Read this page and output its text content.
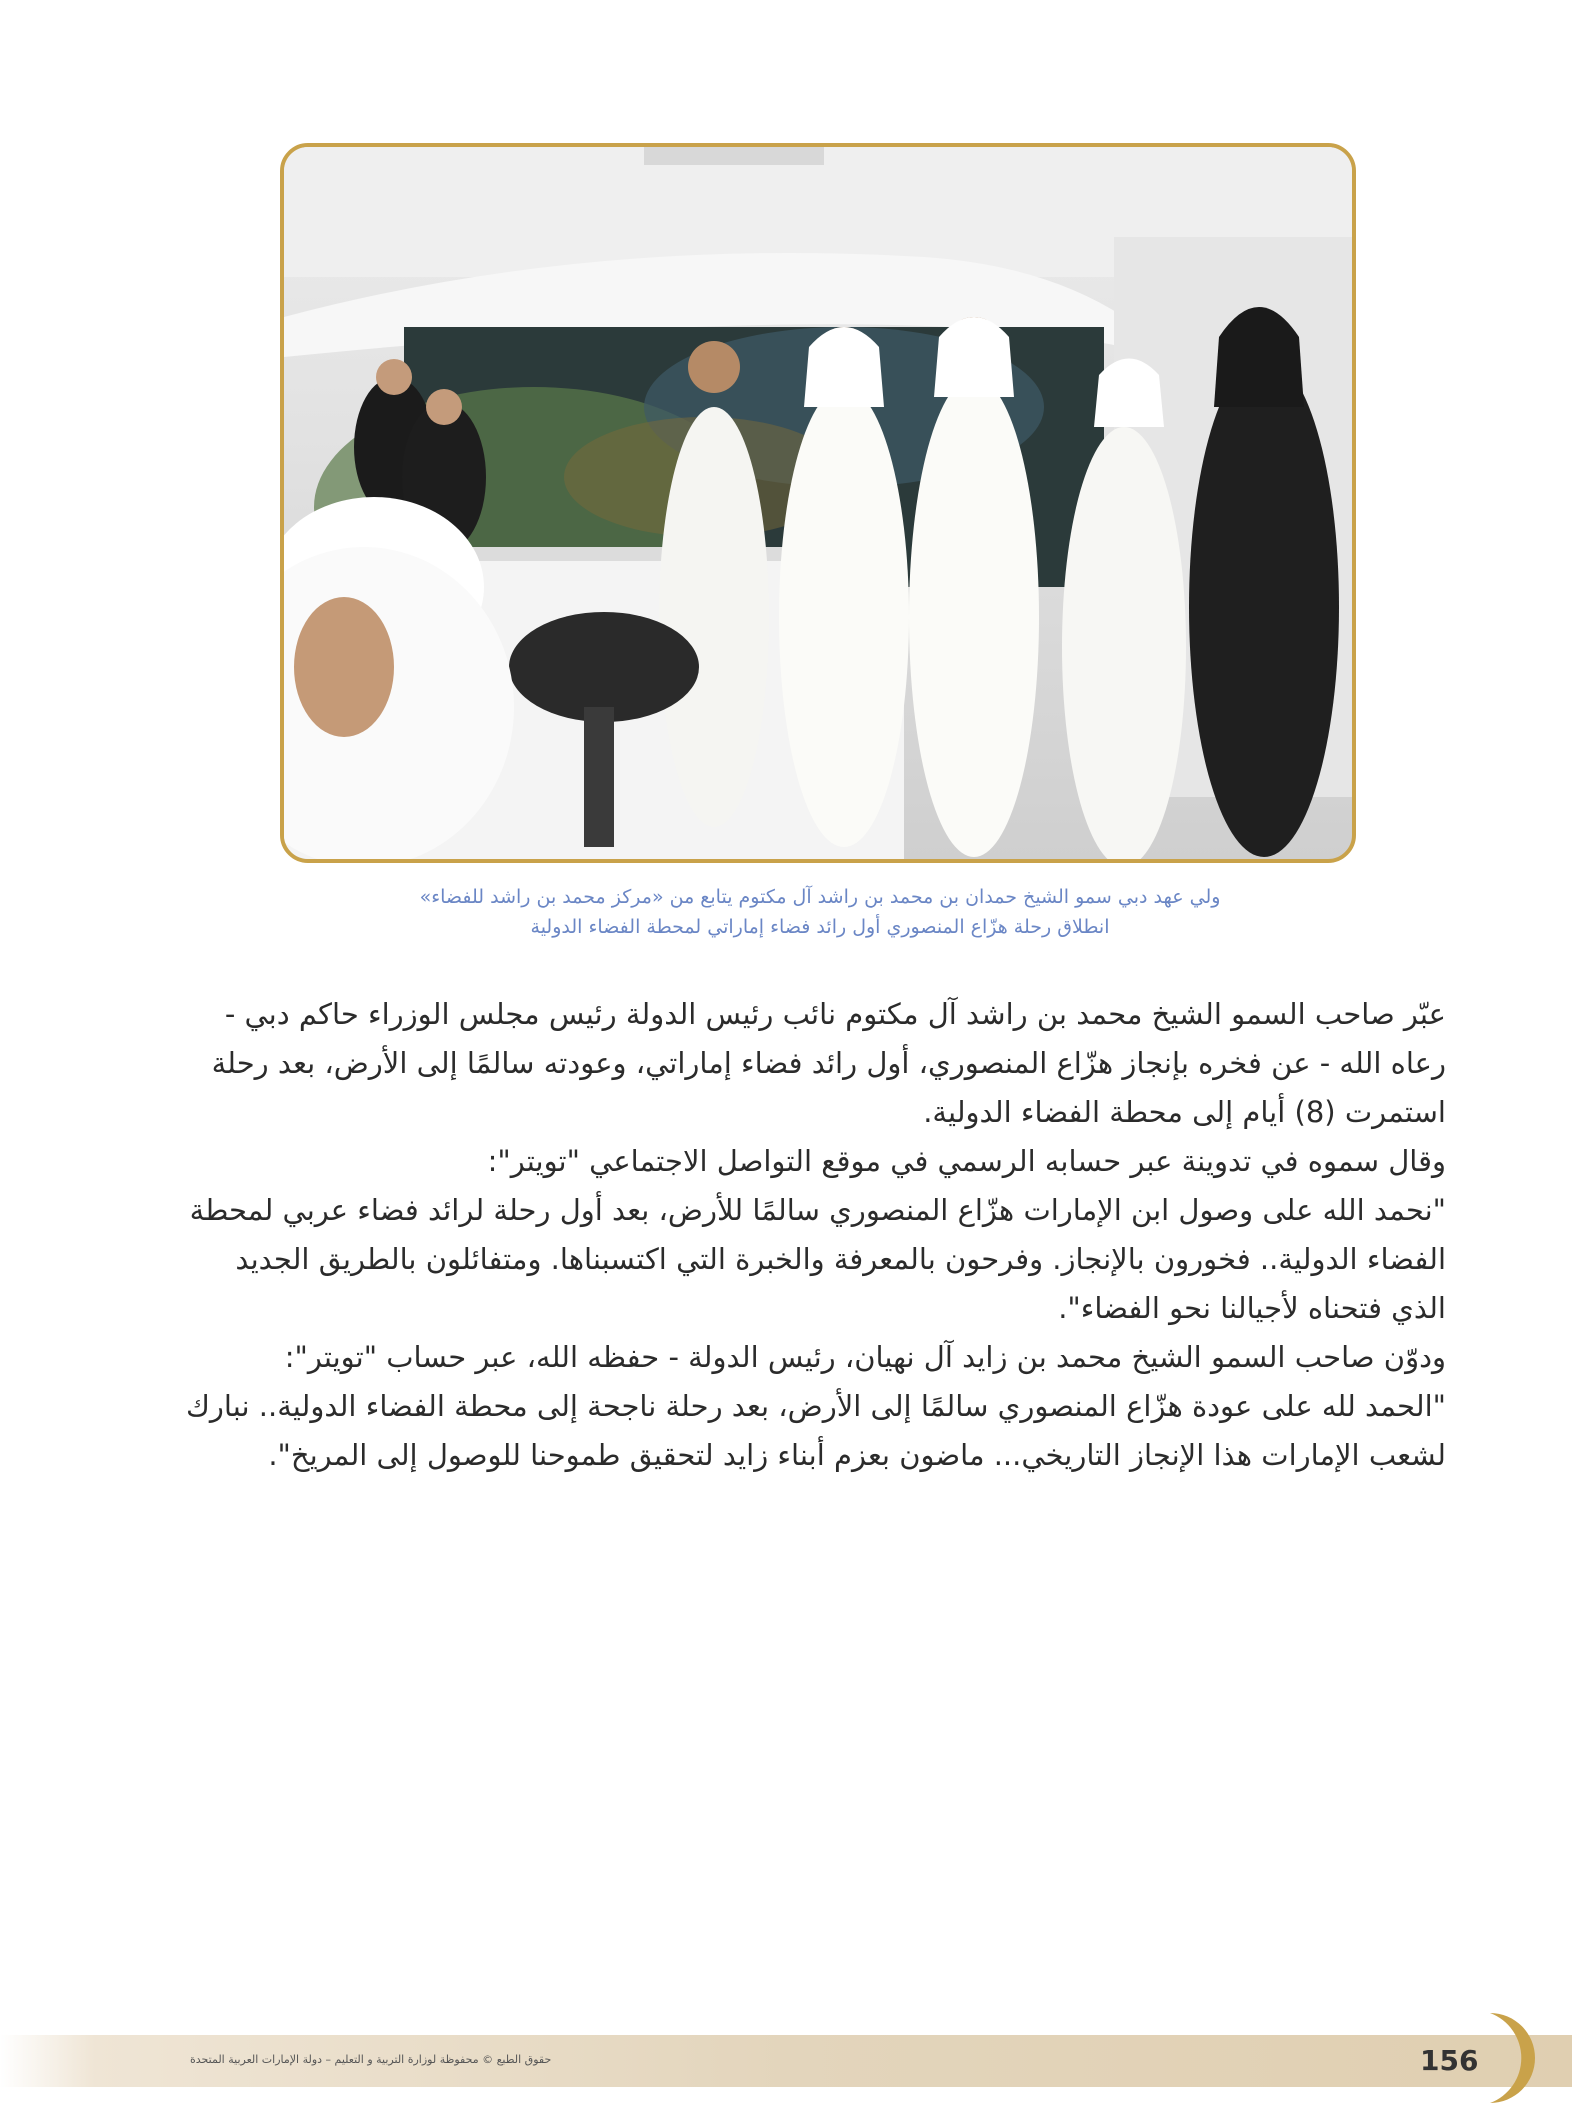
ولي عهد دبي سمو الشيخ حمدان بن محمد بن راشد آل مكتوم يتابع من «مركز محمد بن راشد للفضاء»
انطلاق رحلة هزّاع المنصوري أول رائد فضاء إماراتي لمحطة الفضاء الدولية

عبّر صاحب السمو الشيخ محمد بن راشد آل مكتوم نائب رئيس الدولة رئيس مجلس الوزراء حاكم دبي - رعاه الله - عن فخره بإنجاز هزّاع المنصوري، أول رائد فضاء إماراتي، وعودته سالمًا إلى الأرض، بعد رحلة استمرت (8) أيام إلى محطة الفضاء الدولية.

وقال سموه في تدوينة عبر حسابه الرسمي في موقع التواصل الاجتماعي "تويتر":

"نحمد الله على وصول ابن الإمارات هزّاع المنصوري سالمًا للأرض، بعد أول رحلة لرائد فضاء عربي لمحطة الفضاء الدولية.. فخورون بالإنجاز. وفرحون بالمعرفة والخبرة التي اكتسبناها. ومتفائلون بالطريق الجديد الذي فتحناه لأجيالنا نحو الفضاء".

ودوّن صاحب السمو الشيخ محمد بن زايد آل نهيان، رئيس الدولة - حفظه الله، عبر حساب "تويتر":

"الحمد لله على عودة هزّاع المنصوري سالمًا إلى الأرض، بعد رحلة ناجحة إلى محطة الفضاء الدولية.. نبارك لشعب الإمارات هذا الإنجاز التاريخي... ماضون بعزم أبناء زايد لتحقيق طموحنا للوصول إلى المريخ".

156
حقوق الطبع © محفوظة لوزارة التربية و التعليم – دولة الإمارات العربية المتحدة
